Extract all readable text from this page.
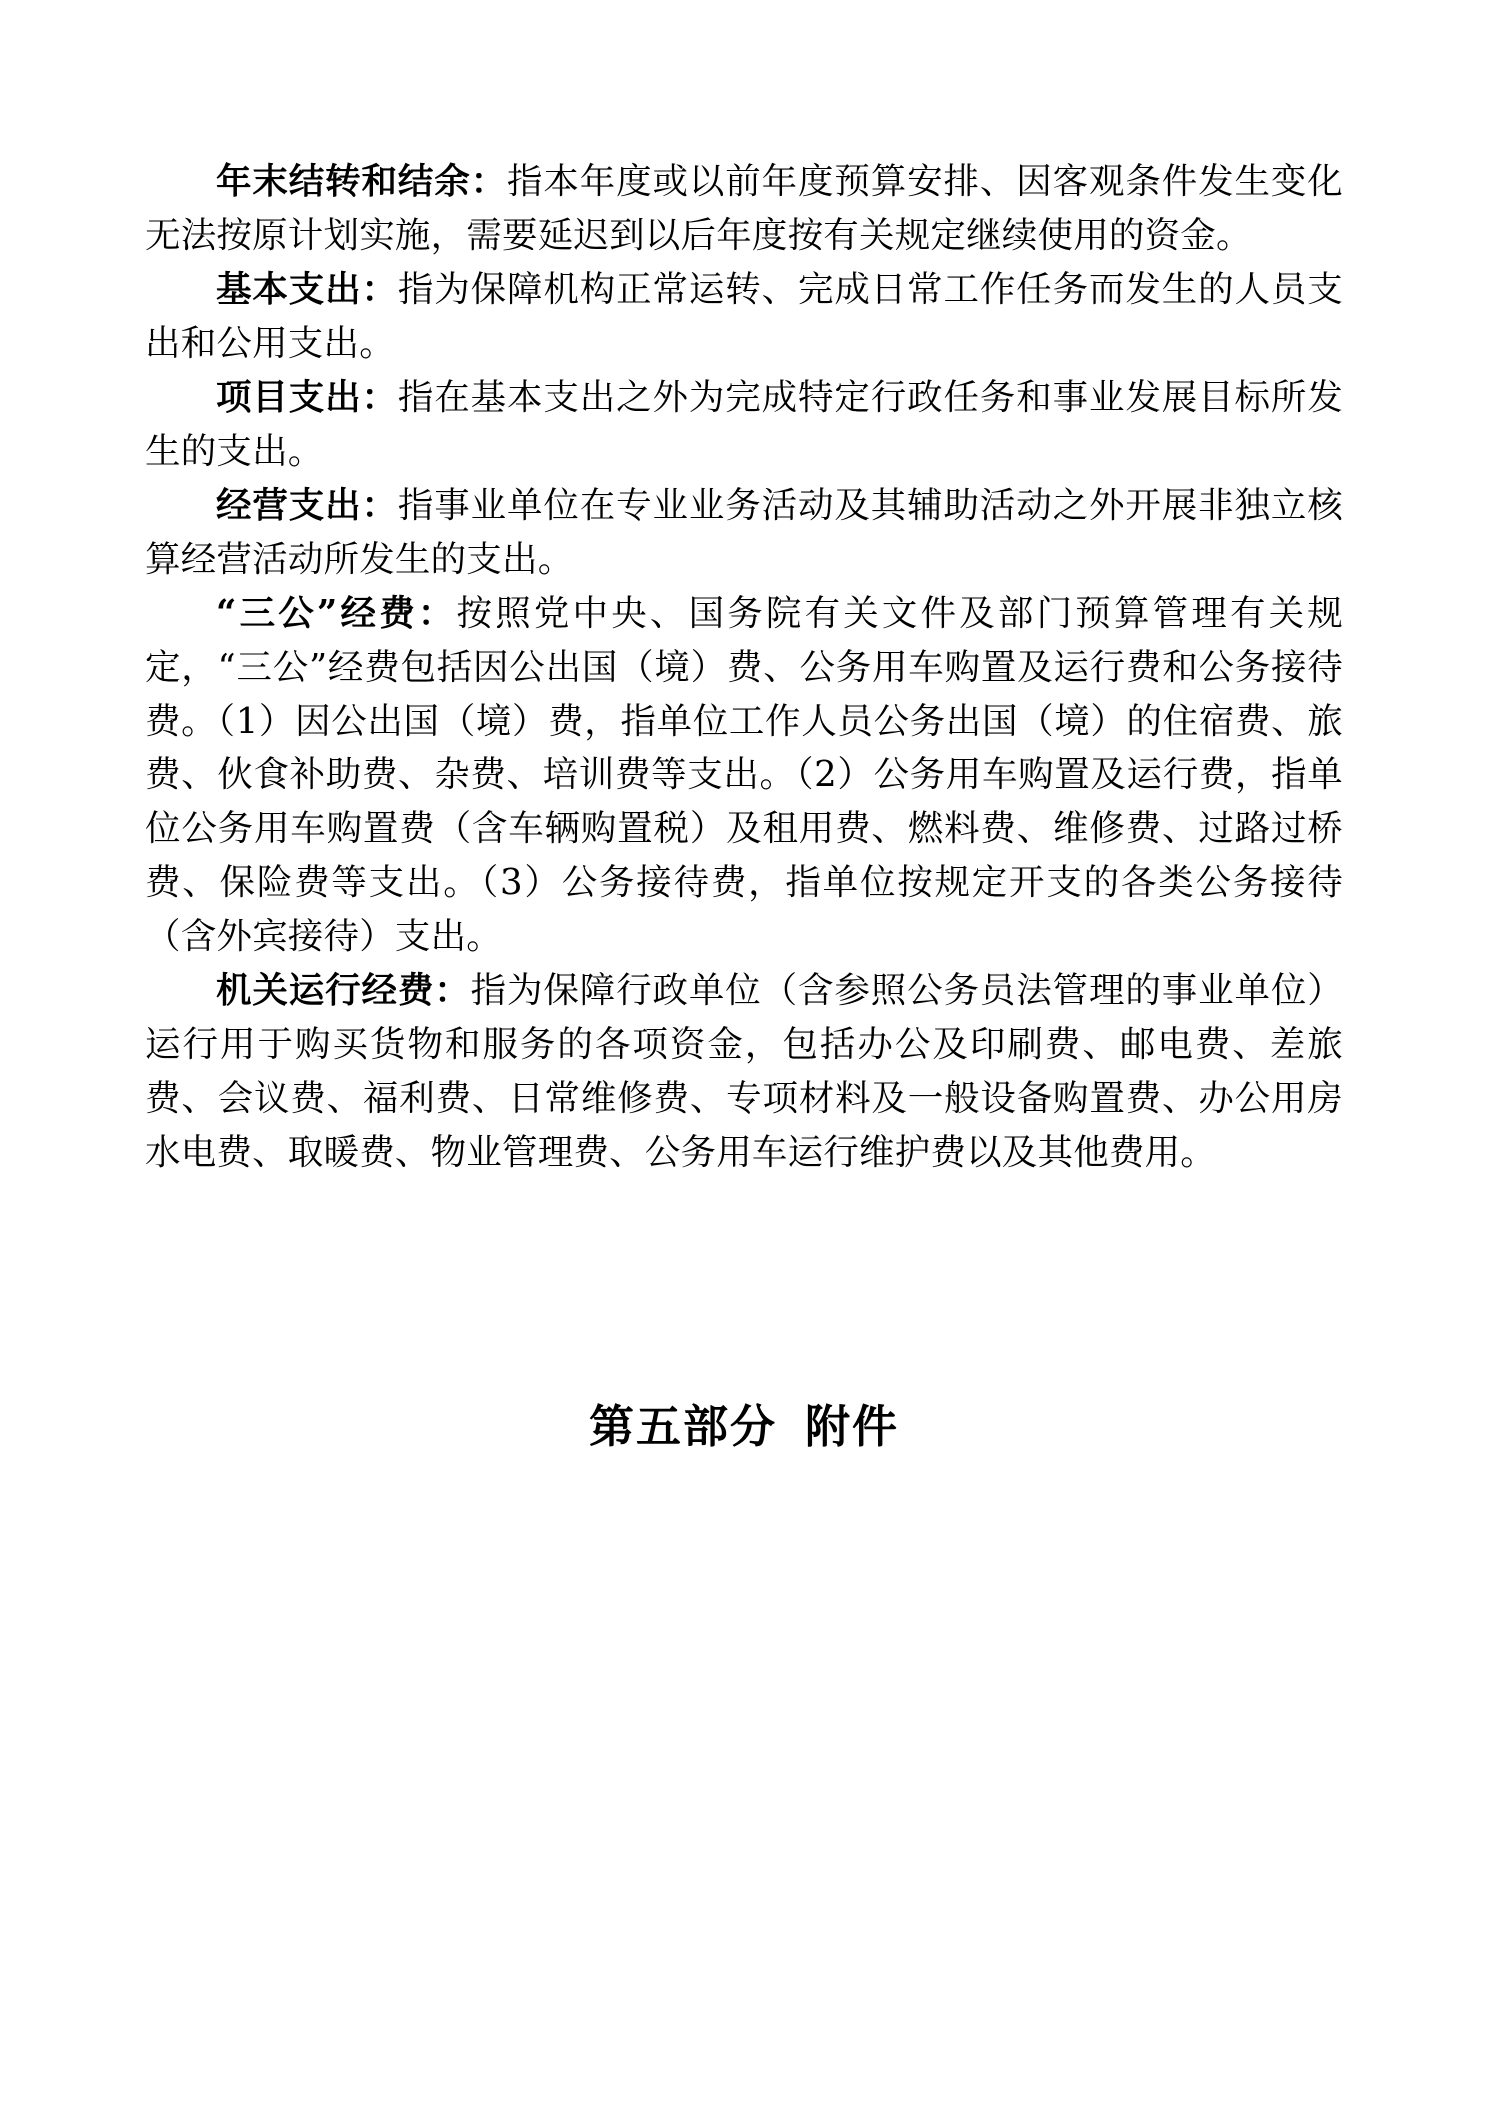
年末结转和结余：指本年度或以前年度预算安排、因客观条件发生变化无法按原计划实施，需要延迟到以后年度按有关规定继续使用的资金。

基本支出：指为保障机构正常运转、完成日常工作任务而发生的人员支出和公用支出。

项目支出：指在基本支出之外为完成特定行政任务和事业发展目标所发生的支出。

经营支出：指事业单位在专业业务活动及其辅助活动之外开展非独立核算经营活动所发生的支出。

“三公”经费：按照党中央、国务院有关文件及部门预算管理有关规定，“三公”经费包括因公出国（境）费、公务用车购置及运行费和公务接待费。（1）因公出国（境）费，指单位工作人员公务出国（境）的住宿费、旅费、伙食补助费、杂费、培训费等支出。（2）公务用车购置及运行费，指单位公务用车购置费（含车辆购置税）及租用费、燃料费、维修费、过路过桥费、保险费等支出。（3）公务接待费，指单位按规定开支的各类公务接待（含外宾接待）支出。

机关运行经费：指为保障行政单位（含参照公务员法管理的事业单位）运行用于购买货物和服务的各项资金，包括办公及印刷费、邮电费、差旅费、会议费、福利费、日常维修费、专项材料及一般设备购置费、办公用房水电费、取暖费、物业管理费、公务用车运行维护费以及其他费用。

第五部分 附件
